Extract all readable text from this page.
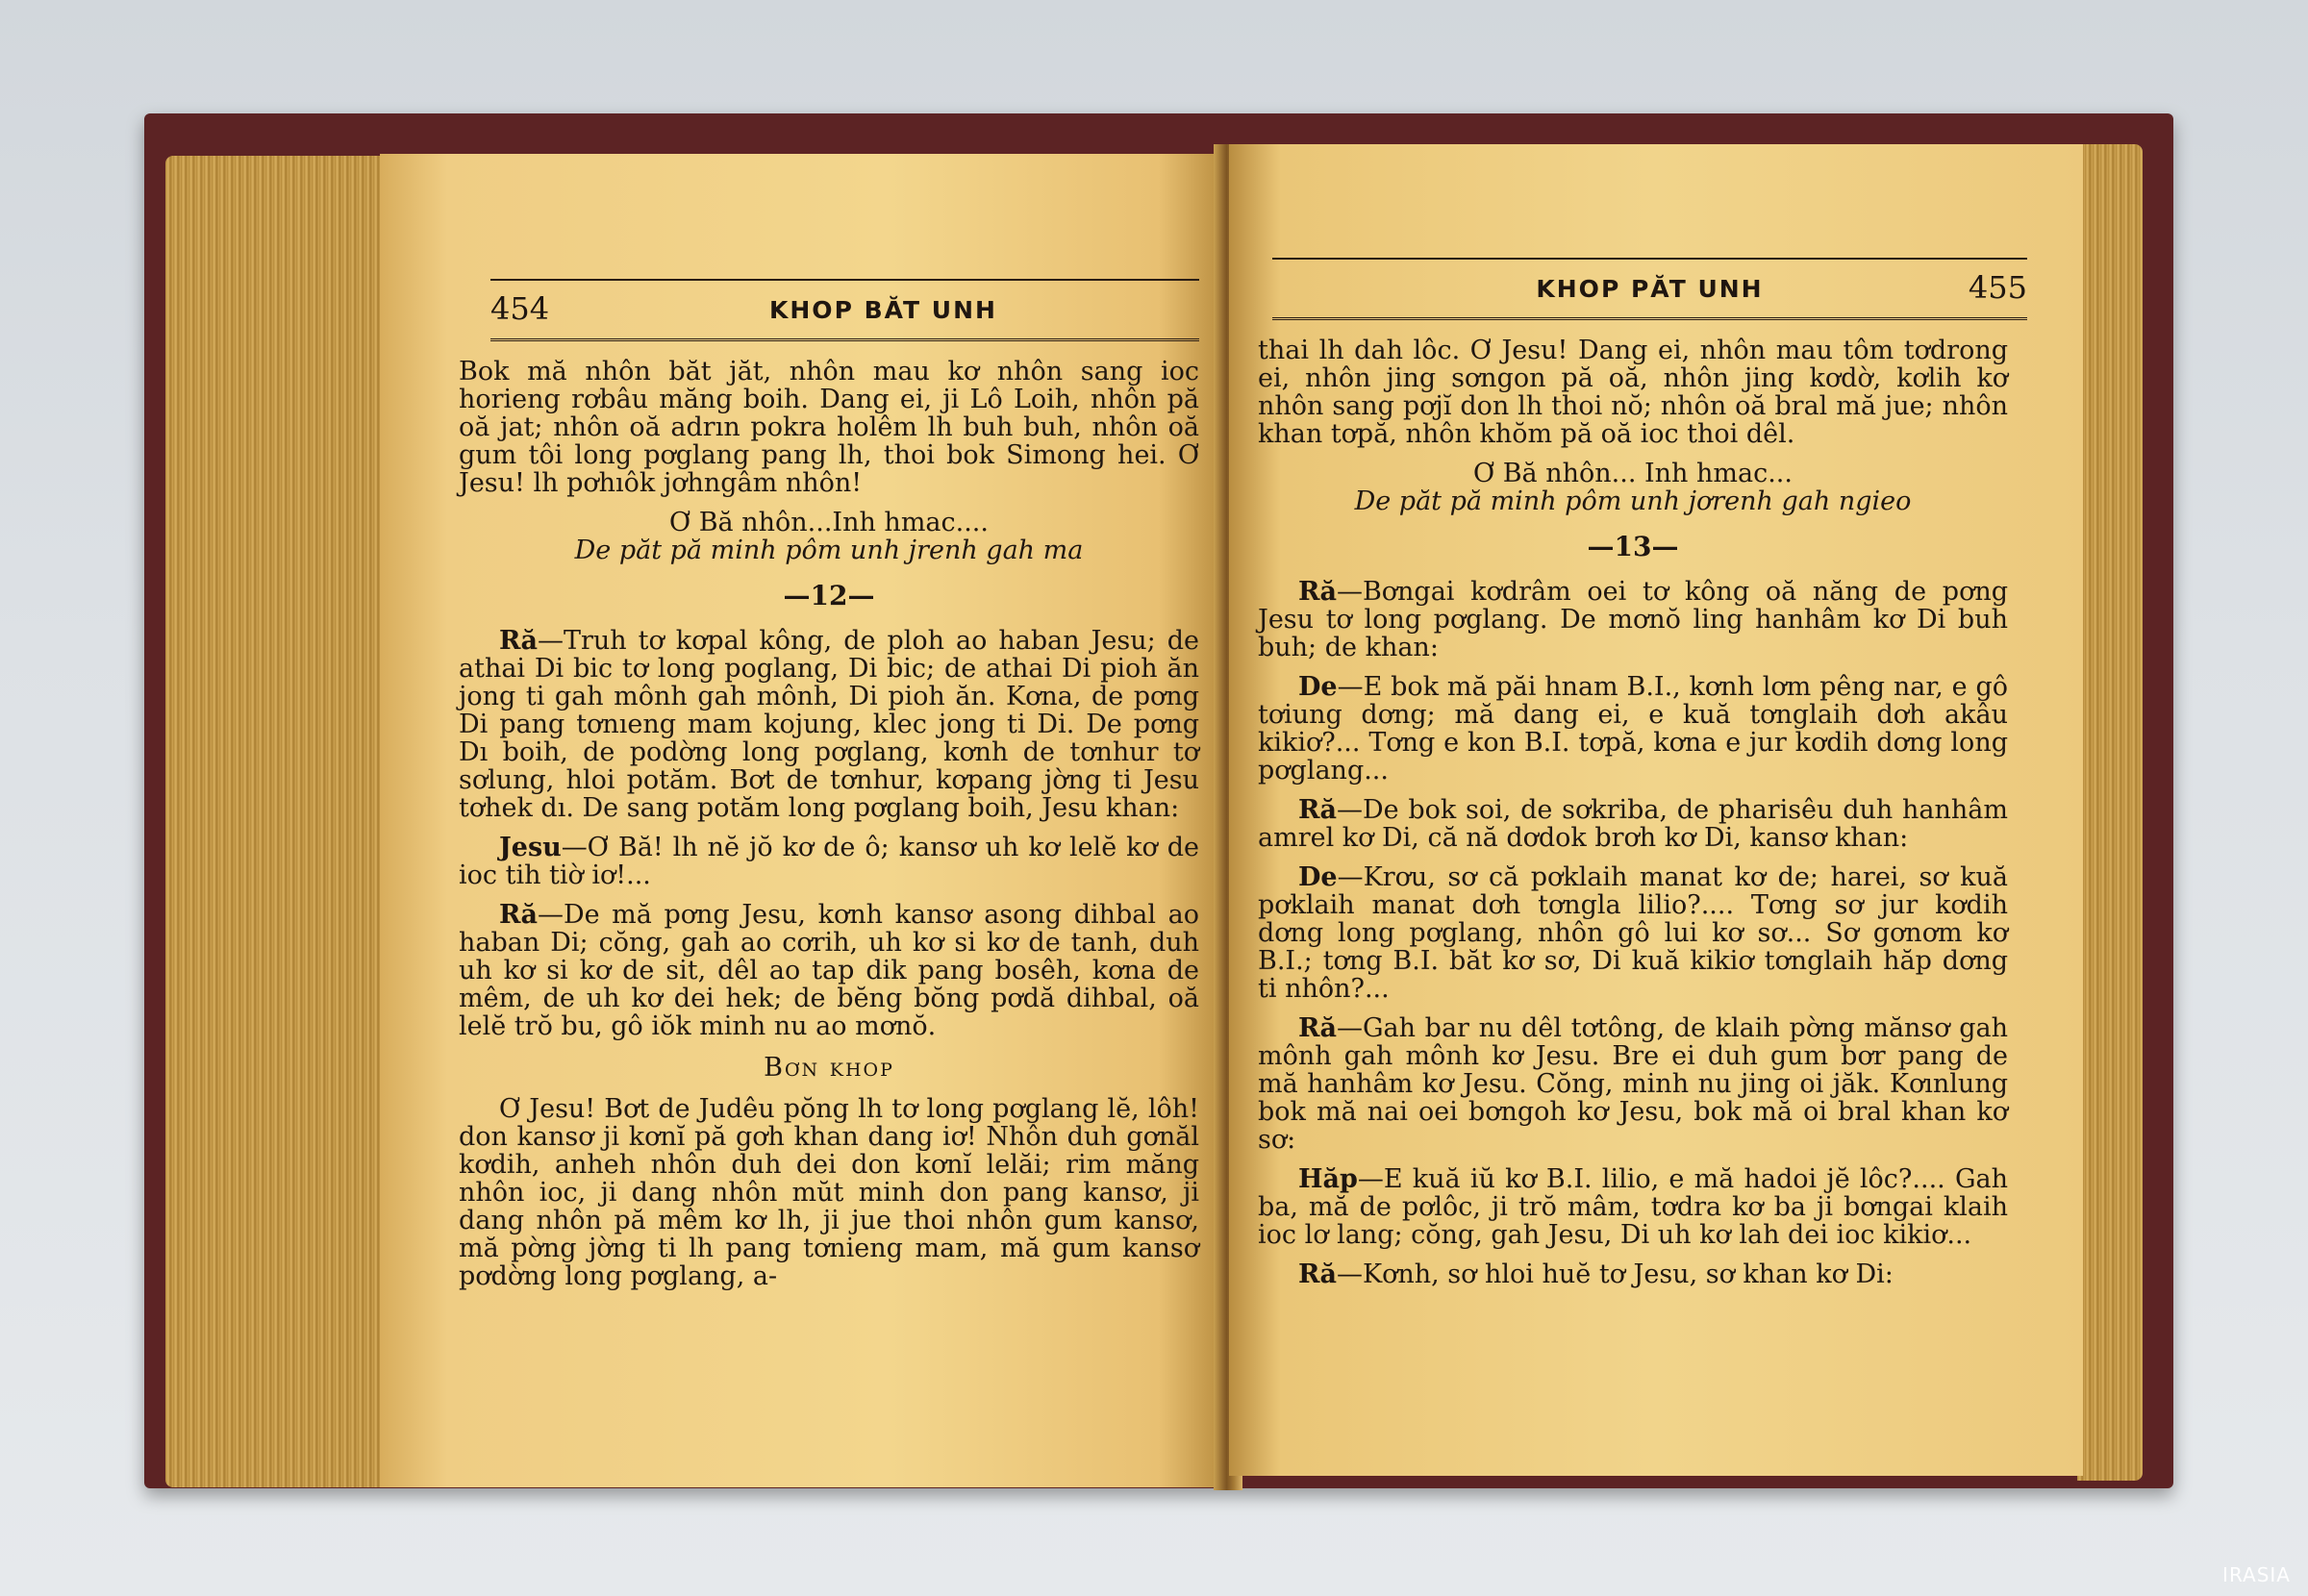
454	KHOP BĂT UNH

Bok mă nhôn băt jăt, nhôn mau kơ nhôn sang ioc horieng rơbâu măng boih. Dang ei, ji Lô Loih, nhôn pă oă jat; nhôn oă adrın pokra holêm lh buh buh, nhôn oă gum tôi long pơglang pang lh, thoi bok Simong hei. Ơ Jesu! lh pơhıôk jơhngâm nhôn!

Ơ Bă nhôn...Inh hmac....

De păt pă minh pôm unh jrenh gah ma

—12—

Ră—Truh tơ kơpal kông, de ploh ao haban Jesu; de athai Di bic tơ long poglang, Di bic; de athai Di pioh ăn jong ti gah mônh gah mônh, Di pioh ăn. Kơna, de pơng Di pang tơnıeng mam kojung, klec jong ti Di. De pơng Dı boih, de podờng long pơglang, kơnh de tơnhur tơ sơlung, hloi potăm. Bơt de tơnhur, kơpang jờng ti Jesu tơhek dı. De sang potăm long pơglang boih, Jesu khan:

Jesu—Ơ Bă! lh nĕ jŏ kơ de ô; kansơ uh kơ lelĕ kơ de ioc tih tiờ iơ!...

Ră—De mă pơng Jesu, kơnh kansơ asong dihbal ao haban Di; cŏng, gah ao cơrih, uh kơ si kơ de tanh, duh uh kơ si kơ de sit, dêl ao tap dik pang bosêh, kơna de mêm, de uh kơ dei hek; de bĕng bŏng pơdă dihbal, oă lelĕ trŏ bu, gô iŏk minh nu ao mơnŏ.

Bơn khop

Ơ Jesu! Bơt de Judêu pŏng lh tơ long pơglang lĕ, lôh! don kansơ ji kơnĭ pă gơh khan dang iơ! Nhôn duh gơnăl kơdih, anheh nhôn duh dei don kơnĭ lelăi; rim măng nhôn ioc, ji dang nhôn mŭt minh don pang kansơ, ji dang nhôn pă mêm kơ lh, ji jue thoi nhôn gum kansơ, mă pờng jờng ti lh pang tơnieng mam, mă gum kansơ pơdờng long pơglang, a-

KHOP PĂT UNH	455

thai lh dah lôc. Ơ Jesu! Dang ei, nhôn mau tôm tơdrong ei, nhôn jing sơngon pă oă, nhôn jing kơdờ, kơlih kơ nhôn sang pơjĭ don lh thoi nŏ; nhôn oă bral mă jue; nhôn khan tơpă, nhôn khŏm pă oă ioc thoi dêl.

Ơ Bă nhôn... Inh hmac...

De păt pă minh pôm unh jơrenh gah ngieo

—13—

Ră—Bơngai kơdrâm oei tơ kông oă năng de pơng Jesu tơ long pơglang. De mơnŏ ling hanhâm kơ Di buh buh; de khan:

De—E bok mă păi hnam B.I., kơnh lơm pêng nar, e gô tơiung dơng; mă dang ei, e kuă tơnglaih dơh akâu kikiơ?... Tơng e kon B.I. tơpă, kơna e jur kơdih dơng long pơglang...

Ră—De bok soi, de sơkriba, de pharisêu duh hanhâm amrel kơ Di, că nă dơdok brơh kơ Di, kansơ khan:

De—Krơu, sơ că pơklaih manat kơ de; harei, sơ kuă pơklaih manat dơh tơngla lilio?.... Tơng sơ jur kơdih dơng long pơglang, nhôn gô lui kơ sơ... Sơ gơnơm kơ B.I.; tơng B.I. băt kơ sơ, Di kuă kikiơ tơnglaih hăp dơng ti nhôn?...

Ră—Gah bar nu dêl tơtông, de klaih pờng mănsơ gah mônh gah mônh kơ Jesu. Bre ei duh gum bơr pang de mă hanhâm kơ Jesu. Cŏng, minh nu jing oi jăk. Kơınlung bok mă nai oei bơngoh kơ Jesu, bok mă oi bral khan kơ sơ:

Hăp—E kuă iŭ kơ B.I. lilio, e mă hadoi jĕ lôc?.... Gah ba, mă de pơlôc, ji trŏ mâm, tơdra kơ ba ji bơngai klaih ioc lơ lang; cŏng, gah Jesu, Di uh kơ lah dei ioc kikiơ...

Ră—Kơnh, sơ hloi huĕ tơ Jesu, sơ khan kơ Di:

IRASIA
